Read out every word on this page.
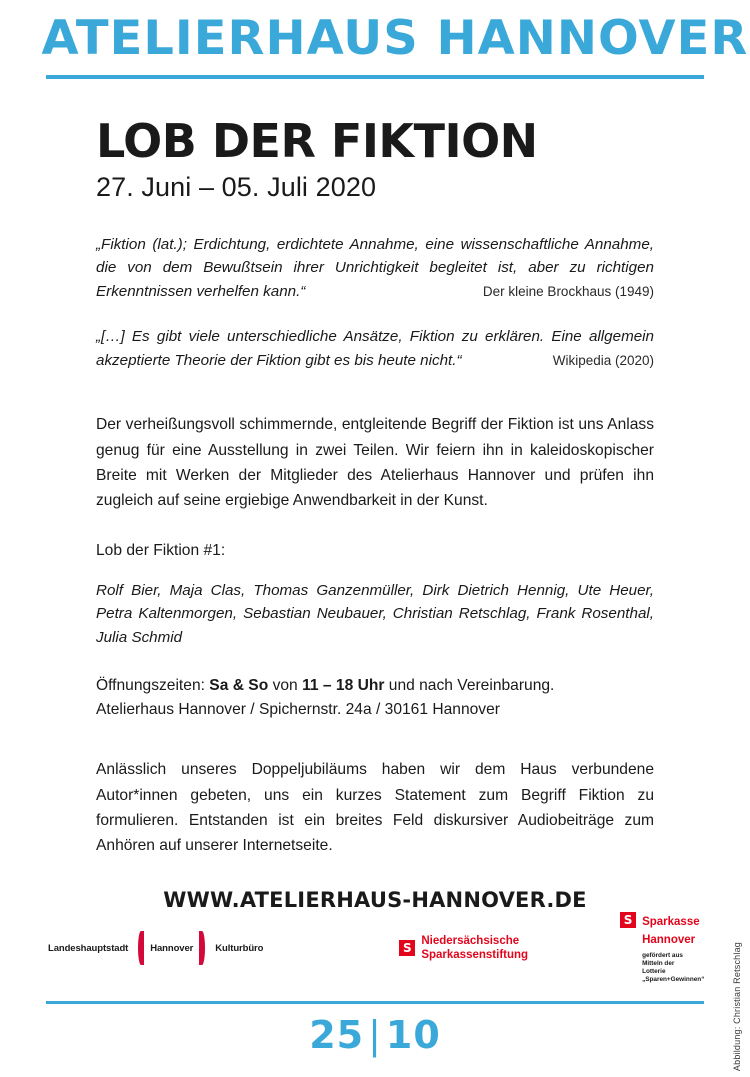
ATELIERHAUS HANNOVER
LOB DER FIKTION
27. Juni – 05. Juli 2020
„Fiktion (lat.); Erdichtung, erdichtete Annahme, eine wissenschaftliche Annahme, die von dem Bewußtsein ihrer Unrichtigkeit begleitet ist, aber zu richtigen Erkenntnissen verhelfen kann.“	Der kleine Brockhaus (1949)
„[…] Es gibt viele unterschiedliche Ansätze, Fiktion zu erklären. Eine allgemein akzeptierte Theorie der Fiktion gibt es bis heute nicht.“	Wikipedia (2020)
Der verheißungsvoll schimmernde, entgleitende Begriff der Fiktion ist uns Anlass genug für eine Ausstellung in zwei Teilen. Wir feiern ihn in kaleidoskopischer Breite mit Werken der Mitglieder des Atelierhaus Hannover und prüfen ihn zugleich auf seine ergiebige Anwendbarkeit in der Kunst.
Lob der Fiktion #1:
Rolf Bier, Maja Clas, Thomas Ganzenmüller, Dirk Dietrich Hennig, Ute Heuer, Petra Kaltenmorgen, Sebastian Neubauer, Christian Retschlag, Frank Rosenthal, Julia Schmid
Öffnungszeiten: Sa & So von 11 – 18 Uhr und nach Vereinbarung.
Atelierhaus Hannover / Spichernstr. 24a / 30161 Hannover
Anlässlich unseres Doppeljubiläums haben wir dem Haus verbundene Autor*innen gebeten, uns ein kurzes Statement zum Begriff Fiktion zu formulieren. Entstanden ist ein breites Feld diskursiver Audiobeiträge zum Anhören auf unserer Internetseite.
WWW.ATELIERHAUS-HANNOVER.DE
Landeshauptstadt Hannover Kulturbüro
S
Niedersächsische
Sparkassenstiftung
S
Sparkasse
Hannover
gefördert aus Mitteln der
Lotterie „Sparen+Gewinnen“
25 | 10	Abbildung: Christian Retschlag
